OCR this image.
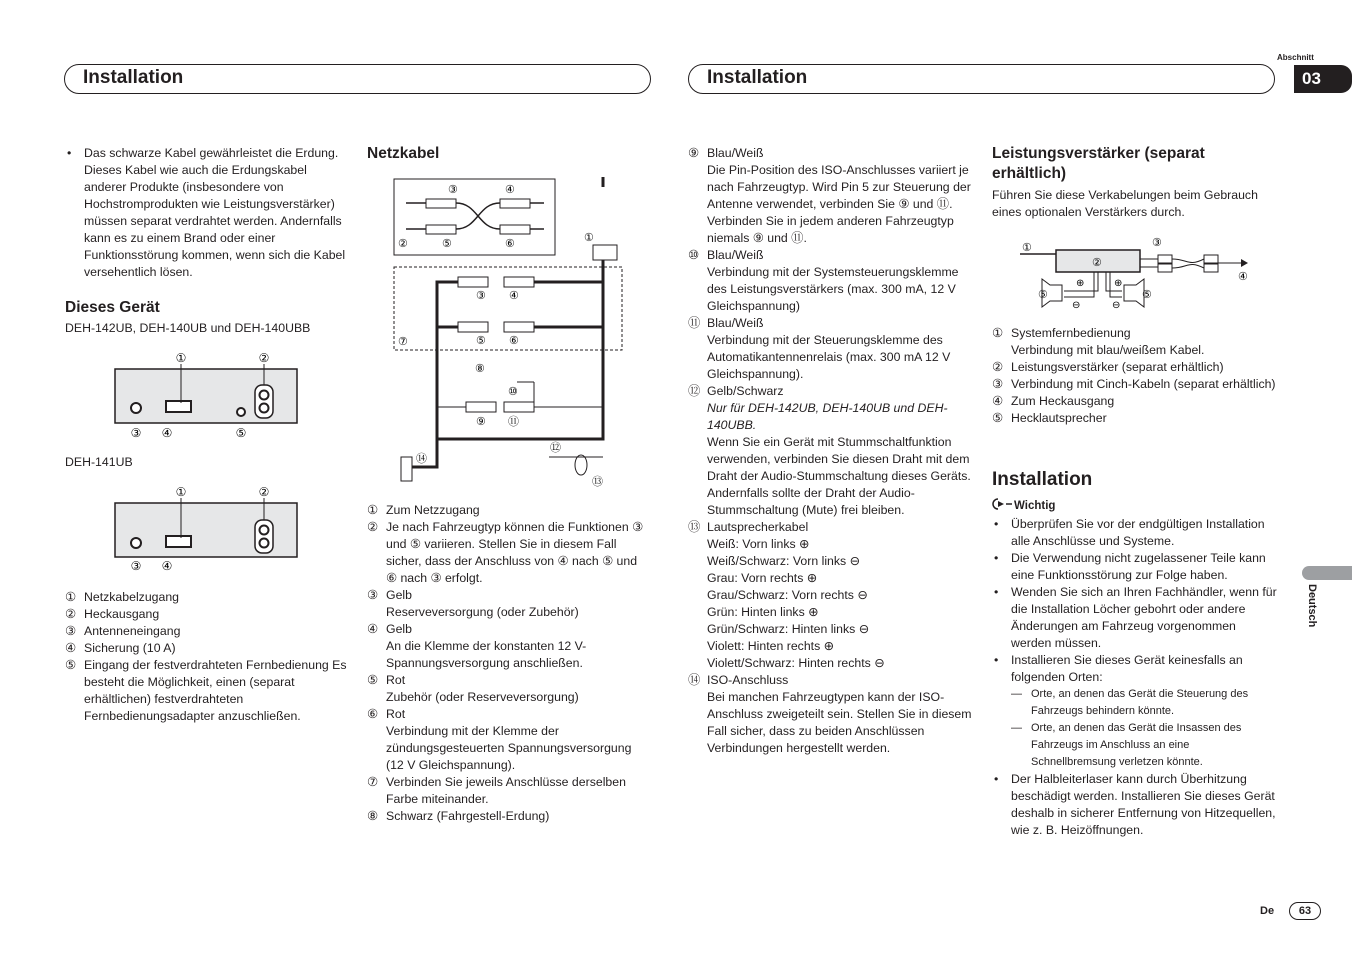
Installation	Installation
Abschnitt
03
• Das schwarze Kabel gewährleistet die Erdung. Dieses Kabel wie auch die Erdungskabel anderer Produkte (insbesondere von Hochstromprodukten wie Leistungsverstärker) müssen separat verdrahtet werden. Andernfalls kann es zu einem Brand oder einer Funktionsstörung kommen, wenn sich die Kabel versehentlich lösen.
Dieses Gerät
DEH-142UB, DEH-140UB und DEH-140UBB
①	②
③ ④	⑤
DEH-141UB
①	②
③ ④
① Netzkabelzugang
② Heckausgang
③ Antenneneingang
④ Sicherung (10 A)
⑤ Eingang der festverdrahteten Fernbedienung Es besteht die Möglichkeit, einen (separat erhältlichen) festverdrahteten Fernbedienungsadapter anzuschließen.
Netzkabel
③	④
②	⑤	⑥	①
③ ④
⑤ ⑥
⑦
⑧
⑩
⑨ ⑪
⑫
⑭
⑬
① Zum Netzzugang
② Je nach Fahrzeugtyp können die Funktionen ③ und ⑤ variieren. Stellen Sie in diesem Fall sicher, dass der Anschluss von ④ nach ⑤ und ⑥ nach ③ erfolgt.
③ Gelb
Reserveversorgung (oder Zubehör)
④ Gelb
An die Klemme der konstanten 12 V-Spannungsversorgung anschließen.
⑤ Rot
Zubehör (oder Reserveversorgung)
⑥ Rot
Verbindung mit der Klemme der zündungsgesteuerten Spannungsversorgung (12 V Gleichspannung).
⑦ Verbinden Sie jeweils Anschlüsse derselben Farbe miteinander.
⑧ Schwarz (Fahrgestell-Erdung)
⑨ Blau/Weiß
Die Pin-Position des ISO-Anschlusses variiert je nach Fahrzeugtyp. Wird Pin 5 zur Steuerung der Antenne verwendet, verbinden Sie ⑨ und ⑪. Verbinden Sie in jedem anderen Fahrzeugtyp niemals ⑨ und ⑪.
⑩ Blau/Weiß
Verbindung mit der Systemsteuerungsklemme des Leistungsverstärkers (max. 300 mA, 12 V Gleichspannung)
⑪ Blau/Weiß
Verbindung mit der Steuerungsklemme des Automatikantennenrelais (max. 300 mA 12 V Gleichspannung).
⑫ Gelb/Schwarz
Nur für DEH-142UB, DEH-140UB und DEH-140UBB.
Wenn Sie ein Gerät mit Stummschaltfunktion verwenden, verbinden Sie diesen Draht mit dem Draht der Audio-Stummschaltung dieses Geräts. Andernfalls sollte der Draht der Audio-Stummschaltung (Mute) frei bleiben.
⑬ Lautsprecherkabel
Weiß: Vorn links ⊕
Weiß/Schwarz: Vorn links ⊖
Grau: Vorn rechts ⊕
Grau/Schwarz: Vorn rechts ⊖
Grün: Hinten links ⊕
Grün/Schwarz: Hinten links ⊖
Violett: Hinten rechts ⊕
Violett/Schwarz: Hinten rechts ⊖
⑭ ISO-Anschluss
Bei manchen Fahrzeugtypen kann der ISO-Anschluss zweigeteilt sein. Stellen Sie in diesem Fall sicher, dass zu beiden Anschlüssen Verbindungen hergestellt werden.
Leistungsverstärker (separat erhältlich)
Führen Sie diese Verkabelungen beim Gebrauch eines optionalen Verstärkers durch.
⊕
⊖
⊕
⊖
①
②
③
④
⑤	⑤
① Systemfernbedienung
Verbindung mit blau/weißem Kabel.
② Leistungsverstärker (separat erhältlich)
③ Verbindung mit Cinch-Kabeln (separat erhältlich)
④ Zum Heckausgang
⑤ Hecklautsprecher
Installation
Wichtig
• Überprüfen Sie vor der endgültigen Installation alle Anschlüsse und Systeme.
• Die Verwendung nicht zugelassener Teile kann eine Funktionsstörung zur Folge haben.
• Wenden Sie sich an Ihren Fachhändler, wenn für die Installation Löcher gebohrt oder andere Änderungen am Fahrzeug vorgenommen werden müssen.
• Installieren Sie dieses Gerät keinesfalls an folgenden Orten:
— Orte, an denen das Gerät die Steuerung des Fahrzeugs behindern könnte.
— Orte, an denen das Gerät die Insassen des Fahrzeugs im Anschluss an eine Schnellbremsung verletzen könnte.
• Der Halbleiterlaser kann durch Überhitzung beschädigt werden. Installieren Sie dieses Gerät deshalb in sicherer Entfernung von Hitzequellen, wie z. B. Heizöffnungen.
Deutsch
De	63
